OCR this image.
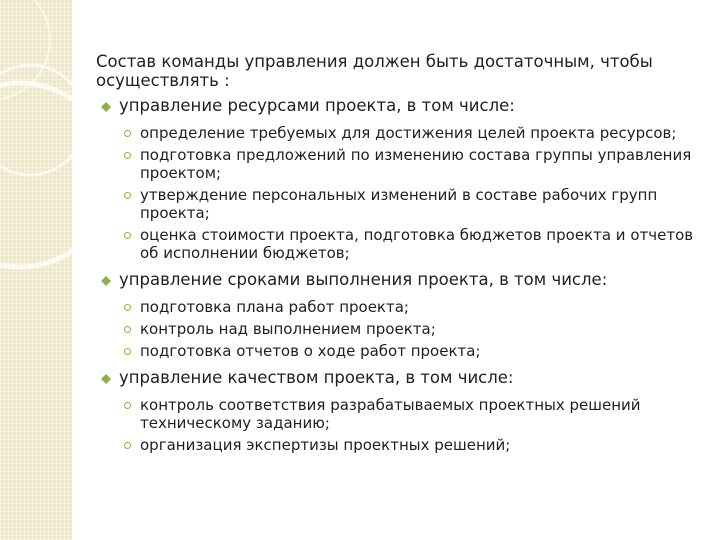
Состав команды управления должен быть достаточным, чтобы осуществлять :

управление ресурсами проекта, в том числе:
определение требуемых для достижения целей проекта ресурсов;
подготовка предложений по изменению состава группы управления проектом;
утверждение персональных изменений в составе рабочих групп проекта;
оценка стоимости проекта, подготовка бюджетов проекта и отчетов об исполнении бюджетов;
управление сроками выполнения проекта, в том числе:
подготовка плана работ проекта;
контроль над выполнением проекта;
подготовка отчетов о ходе работ проекта;
управление качеством проекта, в том числе:
контроль соответствия разрабатываемых проектных решений техническому заданию;
организация экспертизы проектных решений;
